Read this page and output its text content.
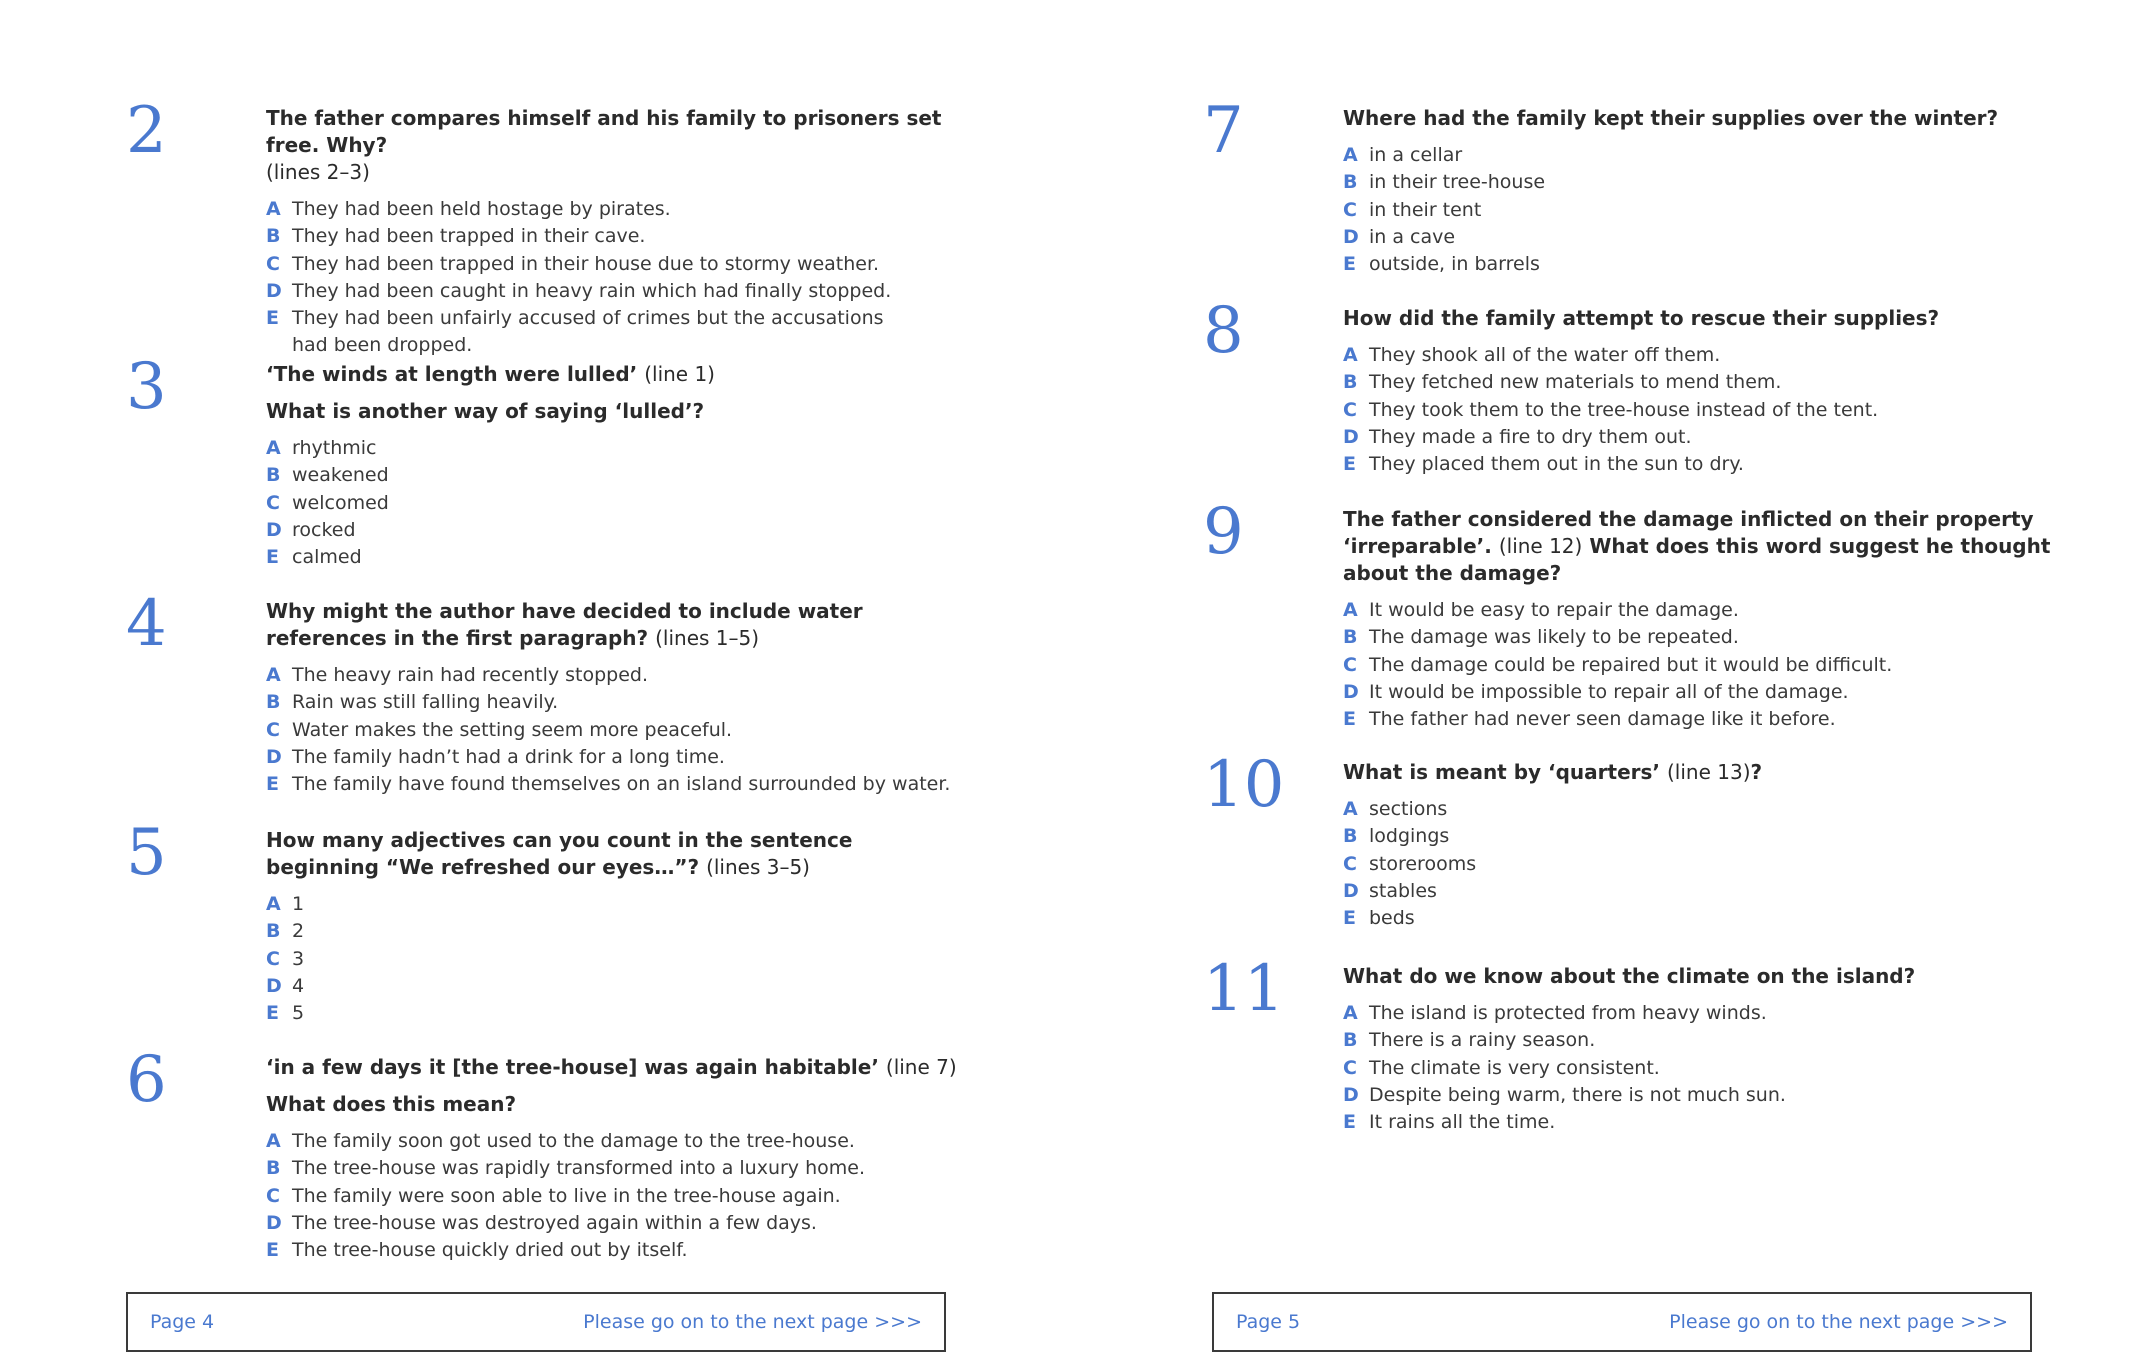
2	The father compares himself and his family to prisoners set free. Why?
(lines 2–3)

A They had been held hostage by pirates.
B They had been trapped in their cave.
C They had been trapped in their house due to stormy weather.
D They had been caught in heavy rain which had finally stopped.
E They had been unfairly accused of crimes but the accusations had been dropped.
3	‘The winds at length were lulled’ (line 1)

What is another way of saying ‘lulled’?

A rhythmic
B weakened
C welcomed
D rocked
E calmed
4	Why might the author have decided to include water references in the first paragraph? (lines 1–5)

A The heavy rain had recently stopped.
B Rain was still falling heavily.
C Water makes the setting seem more peaceful.
D The family hadn’t had a drink for a long time.
E The family have found themselves on an island surrounded by water.
5	How many adjectives can you count in the sentence beginning “We refreshed our eyes…”? (lines 3–5)

A 1
B 2
C 3
D 4
E 5
6	‘in a few days it [the tree-house] was again habitable’ (line 7)

What does this mean?

A The family soon got used to the damage to the tree-house.
B The tree-house was rapidly transformed into a luxury home.
C The family were soon able to live in the tree-house again.
D The tree-house was destroyed again within a few days.
E The tree-house quickly dried out by itself.
Page 4	Please go on to the next page >>>
7	Where had the family kept their supplies over the winter?

A in a cellar
B in their tree-house
C in their tent
D in a cave
E outside, in barrels
8	How did the family attempt to rescue their supplies?

A They shook all of the water off them.
B They fetched new materials to mend them.
C They took them to the tree-house instead of the tent.
D They made a fire to dry them out.
E They placed them out in the sun to dry.
9	The father considered the damage inflicted on their property ‘irreparable’. (line 12) What does this word suggest he thought about the damage?

A It would be easy to repair the damage.
B The damage was likely to be repeated.
C The damage could be repaired but it would be difficult.
D It would be impossible to repair all of the damage.
E The father had never seen damage like it before.
10	What is meant by ‘quarters’ (line 13)?

A sections
B lodgings
C storerooms
D stables
E beds
11	What do we know about the climate on the island?

A The island is protected from heavy winds.
B There is a rainy season.
C The climate is very consistent.
D Despite being warm, there is not much sun.
E It rains all the time.
Page 5	Please go on to the next page >>>
